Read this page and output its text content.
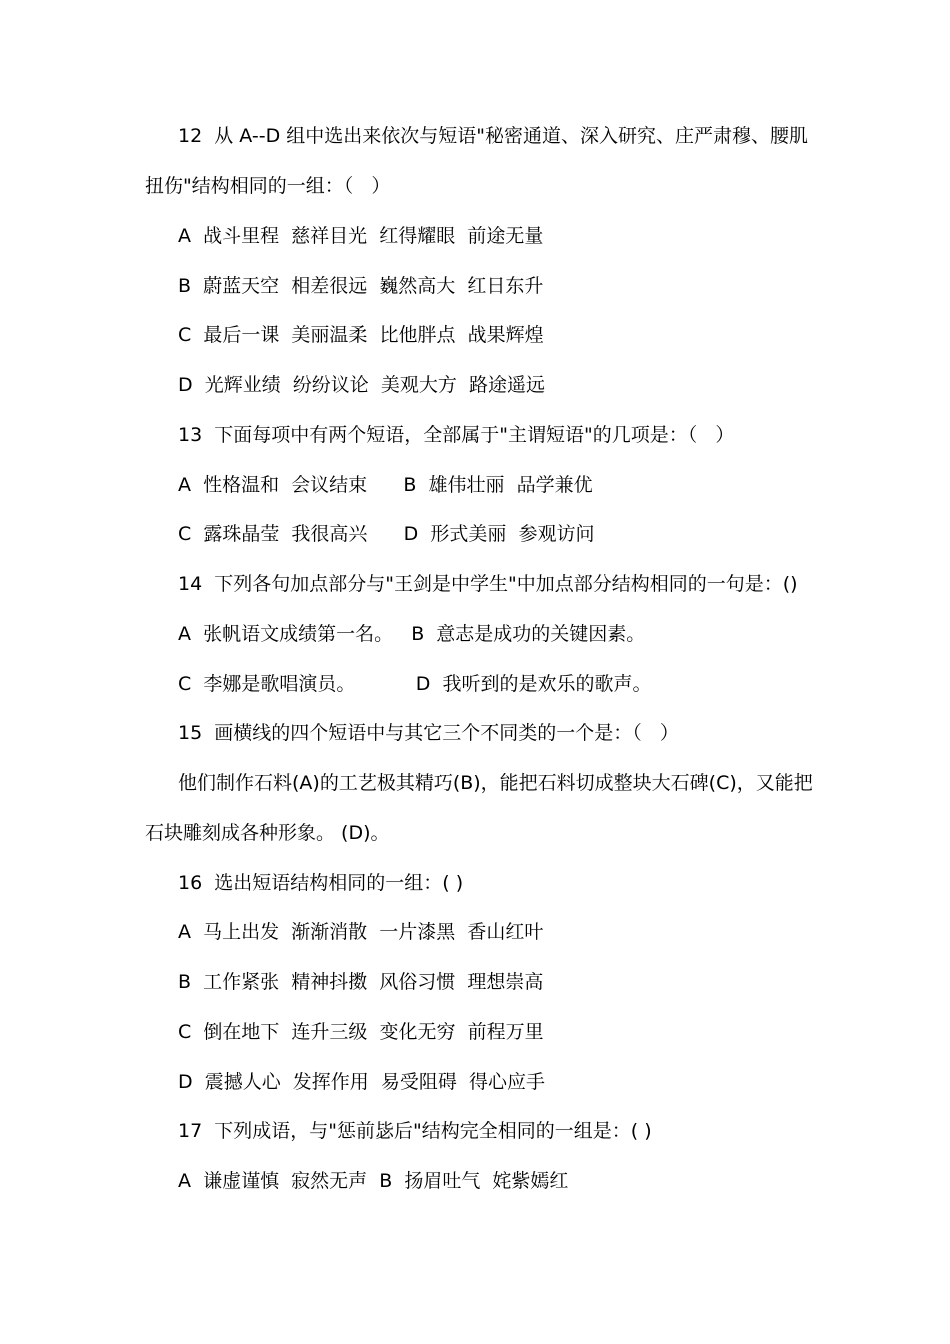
12  从 A--D 组中选出来依次与短语"秘密通道、深入研究、庄严肃穆、腰肌

扭伤"结构相同的一组：（   ）

A  战斗里程  慈祥目光  红得耀眼  前途无量

B  蔚蓝天空  相差很远  巍然高大  红日东升

C  最后一课  美丽温柔  比他胖点  战果辉煌

D  光辉业绩  纷纷议论  美观大方  路途遥远

13  下面每项中有两个短语，全部属于"主谓短语"的几项是：（   ）

A  性格温和  会议结束      B  雄伟壮丽  品学兼优

C  露珠晶莹  我很高兴      D  形式美丽  参观访问

14  下列各句加点部分与"王剑是中学生"中加点部分结构相同的一句是：()

A  张帆语文成绩第一名。   B  意志是成功的关键因素。

C  李娜是歌唱演员。          D  我听到的是欢乐的歌声。

15  画横线的四个短语中与其它三个不同类的一个是：（   ）

他们制作石料(A)的工艺极其精巧(B)，能把石料切成整块大石碑(C)，又能把

石块雕刻成各种形象。 (D)。

16  选出短语结构相同的一组：( )

A  马上出发  渐渐消散  一片漆黑  香山红叶

B  工作紧张  精神抖擞  风俗习惯  理想崇高

C  倒在地下  连升三级  变化无穷  前程万里

D  震撼人心  发挥作用  易受阻碍  得心应手

17  下列成语，与"惩前毖后"结构完全相同的一组是：( )

A  谦虚谨慎  寂然无声  B  扬眉吐气  姹紫嫣红
